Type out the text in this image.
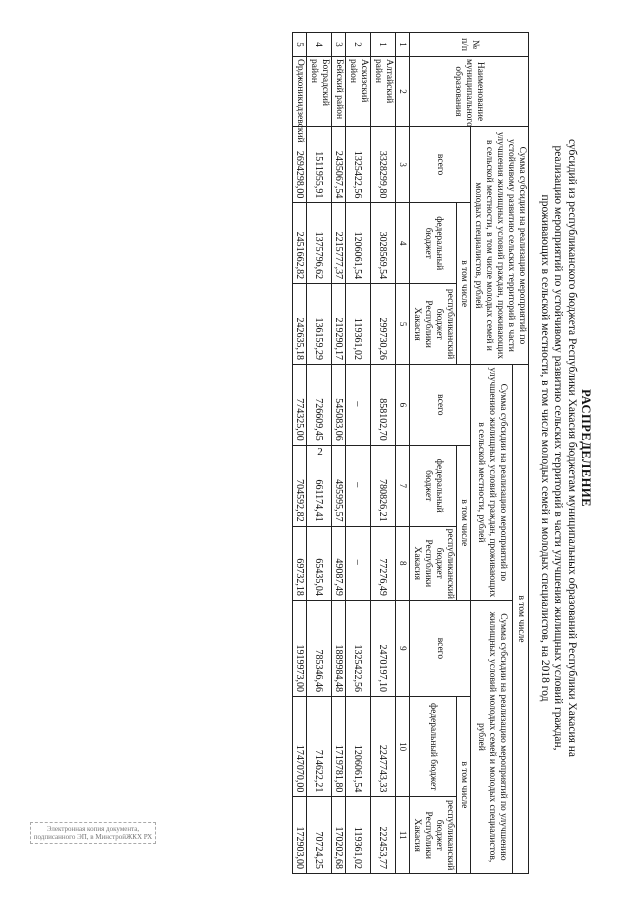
2	РАСПРЕДЕЛЕНИЕ
субсидий из республиканского бюджета Республики Хакасия бюджетам муниципальных образований Республики Хакасия на
реализацию мероприятий по устойчивому развитию сельских территорий в части улучшения жилищных условий граждан,
проживающих в сельской местности, в том числе молодых семей и молодых специалистов, на 2018 год
№ п/п	Наименование муниципального образования	Сумма субсидии на реализацию мероприятий по устойчивому развитию сельских территорий в части улучшения жилищных условий граждан, проживающих в сельской местности, в том числе молодых семей и молодых специалистов, рублей			в том числе					
					Сумма субсидии на реализацию мероприятий по улучшению жилищных условий граждан, проживающих в сельской местности, рублей			Сумма субсидии на реализацию мероприятий по улучшению жилищных условий молодых семей и молодых специалистов, рублей		
		всего	в том числе		всего	в том числе		всего	в том числе	
			федеральный бюджет	республиканский бюджет Республики Хакасия		федеральный бюджет	республиканский бюджет Республики Хакасия		федеральный бюджет	республиканский бюджет Республики Хакасия
1	2	3	4	5	6	7	8	9	10	11
1	Алтайский район	3328299,80	3028569,54	299730,26	858102,70	780826,21	77276,49	2470197,10	2247743,33	222453,77
2	Аскизский район	1325422,56	1206061,54	119361,02	–	–	–	1325422,56	1206061,54	119361,02
3	Бейский район	2435067,54	2215777,37	219290,17	545083,06	495995,57	49087,49	1889984,48	1719781,80	170202,68
4	Боградский район	1511955,91	1375796,62	136159,29	726609,45	661174,41	65435,04	785346,46	714622,21	70724,25
5	Орджоникидзевский	2694298,00	2451662,82	242635,18	774325,00	704592,82	69732,18	1919973,00	1747070,00	172903,00
Электронная копия документа, подписанного ЭП, в МинстройЖКХ РХ
